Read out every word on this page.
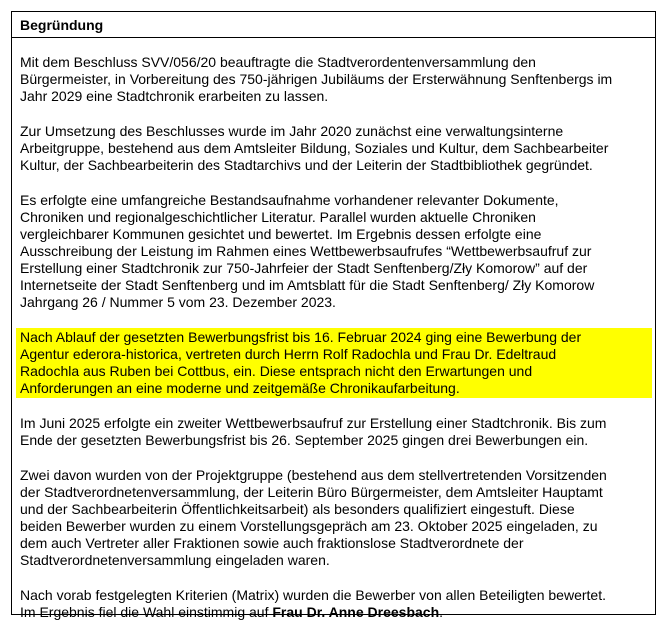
Begründung

Mit dem Beschluss SVV/056/20 beauftragte die Stadtverordentenversammlung den
Bürgermeister, in Vorbereitung des 750-jährigen Jubiläums der Ersterwähnung Senftenbergs im
Jahr 2029 eine Stadtchronik erarbeiten zu lassen.

Zur Umsetzung des Beschlusses wurde im Jahr 2020 zunächst eine verwaltungsinterne
Arbeitgruppe, bestehend aus dem Amtsleiter Bildung, Soziales und Kultur, dem Sachbearbeiter
Kultur, der Sachbearbeiterin des Stadtarchivs und der Leiterin der Stadtbibliothek gegründet.

Es erfolgte eine umfangreiche Bestandsaufnahme vorhandener relevanter Dokumente,
Chroniken und regionalgeschichtlicher Literatur. Parallel wurden aktuelle Chroniken
vergleichbarer Kommunen gesichtet und bewertet. Im Ergebnis dessen erfolgte eine
Ausschreibung der Leistung im Rahmen eines Wettbewerbsaufrufes “Wettbewerbsaufruf zur
Erstellung einer Stadtchronik zur 750-Jahrfeier der Stadt Senftenberg/Zły Komorow” auf der
Internetseite der Stadt Senftenberg und im Amtsblatt für die Stadt Senftenberg/ Zły Komorow
Jahrgang 26 / Nummer 5 vom 23. Dezember 2023.

Nach Ablauf der gesetzten Bewerbungsfrist bis 16. Februar 2024 ging eine Bewerbung der
Agentur ederora-historica, vertreten durch Herrn Rolf Radochla und Frau Dr. Edeltraud
Radochla aus Ruben bei Cottbus, ein. Diese entsprach nicht den Erwartungen und
Anforderungen an eine moderne und zeitgemäße Chronikaufarbeitung.

Im Juni 2025 erfolgte ein zweiter Wettbewerbsaufruf zur Erstellung einer Stadtchronik. Bis zum
Ende der gesetzten Bewerbungsfrist bis 26. September 2025 gingen drei Bewerbungen ein.

Zwei davon wurden von der Projektgruppe (bestehend aus dem stellvertretenden Vorsitzenden
der Stadtverordnetenversammlung, der Leiterin Büro Bürgermeister, dem Amtsleiter Hauptamt
und der Sachbearbeiterin Öffentlichkeitsarbeit) als besonders qualifiziert eingestuft. Diese
beiden Bewerber wurden zu einem Vorstellungsgepräch am 23. Oktober 2025 eingeladen, zu
dem auch Vertreter aller Fraktionen sowie auch fraktionslose Stadtverordnete der
Stadtverordnetenversammlung eingeladen waren.

Nach vorab festgelegten Kriterien (Matrix) wurden die Bewerber von allen Beteiligten bewertet.
Im Ergebnis fiel die Wahl einstimmig auf Frau Dr. Anne Dreesbach.
